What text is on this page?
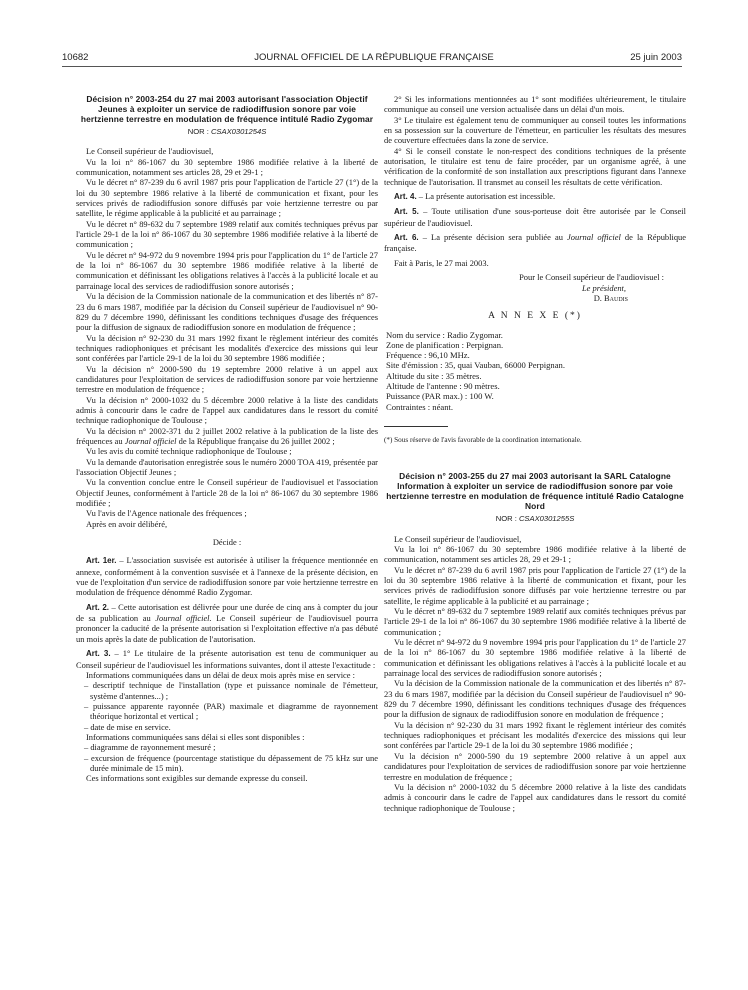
10682	JOURNAL OFFICIEL DE LA RÉPUBLIQUE FRANÇAISE	25 juin 2003

Décision n° 2003-254 du 27 mai 2003 autorisant l'association Objectif Jeunes à exploiter un service de radiodiffusion sonore par voie hertzienne terrestre en modulation de fréquence intitulé Radio Zygomar

NOR : CSAX0301254S

Le Conseil supérieur de l'audiovisuel,

Vu la loi n° 86-1067 du 30 septembre 1986 modifiée relative à la liberté de communication, notamment ses articles 28, 29 et 29-1 ;

Vu le décret n° 87-239 du 6 avril 1987 pris pour l'application de l'article 27 (1°) de la loi du 30 septembre 1986 relative à la liberté de communication et fixant, pour les services privés de radiodiffusion sonore diffusés par voie hertzienne terrestre ou par satellite, le régime applicable à la publicité et au parrainage ;

Vu le décret n° 89-632 du 7 septembre 1989 relatif aux comités techniques prévus par l'article 29-1 de la loi n° 86-1067 du 30 septembre 1986 modifiée relative à la liberté de communication ;

Vu le décret n° 94-972 du 9 novembre 1994 pris pour l'application du 1° de l'article 27 de la loi n° 86-1067 du 30 septembre 1986 modifiée relative à la liberté de communication et définissant les obligations relatives à l'accès à la publicité locale et au parrainage local des services de radiodiffusion sonore autorisés ;

Vu la décision de la Commission nationale de la communication et des libertés n° 87-23 du 6 mars 1987, modifiée par la décision du Conseil supérieur de l'audiovisuel n° 90-829 du 7 décembre 1990, définissant les conditions techniques d'usage des fréquences pour la diffusion de signaux de radiodiffusion sonore en modulation de fréquence ;

Vu la décision n° 92-230 du 31 mars 1992 fixant le règlement intérieur des comités techniques radiophoniques et précisant les modalités d'exercice des missions qui leur sont conférées par l'article 29-1 de la loi du 30 septembre 1986 modifiée ;

Vu la décision n° 2000-590 du 19 septembre 2000 relative à un appel aux candidatures pour l'exploitation de services de radiodiffusion sonore par voie hertzienne terrestre en modulation de fréquence ;

Vu la décision n° 2000-1032 du 5 décembre 2000 relative à la liste des candidats admis à concourir dans le cadre de l'appel aux candidatures dans le ressort du comité technique radiophonique de Toulouse ;

Vu la décision n° 2002-371 du 2 juillet 2002 relative à la publication de la liste des fréquences au Journal officiel de la République française du 26 juillet 2002 ;

Vu les avis du comité technique radiophonique de Toulouse ;

Vu la demande d'autorisation enregistrée sous le numéro 2000 TOA 419, présentée par l'association Objectif Jeunes ;

Vu la convention conclue entre le Conseil supérieur de l'audiovisuel et l'association Objectif Jeunes, conformément à l'article 28 de la loi n° 86-1067 du 30 septembre 1986 modifiée ;

Vu l'avis de l'Agence nationale des fréquences ;

Après en avoir délibéré,

Décide :

Art. 1er. – L'association susvisée est autorisée à utiliser la fréquence mentionnée en annexe, conformément à la convention susvisée et à l'annexe de la présente décision, en vue de l'exploitation d'un service de radiodiffusion sonore par voie hertzienne terrestre en modulation de fréquence dénommé Radio Zygomar.

Art. 2. – Cette autorisation est délivrée pour une durée de cinq ans à compter du jour de sa publication au Journal officiel. Le Conseil supérieur de l'audiovisuel pourra prononcer la caducité de la présente autorisation si l'exploitation effective n'a pas débuté un mois après la date de publication de l'autorisation.

Art. 3. – 1° Le titulaire de la présente autorisation est tenu de communiquer au Conseil supérieur de l'audiovisuel les informations suivantes, dont il atteste l'exactitude :

Informations communiquées dans un délai de deux mois après mise en service :

– descriptif technique de l'installation (type et puissance nominale de l'émetteur, système d'antennes...) ;

– puissance apparente rayonnée (PAR) maximale et diagramme de rayonnement théorique horizontal et vertical ;

– date de mise en service.

Informations communiquées sans délai si elles sont disponibles :

– diagramme de rayonnement mesuré ;

– excursion de fréquence (pourcentage statistique du dépassement de 75 kHz sur une durée minimale de 15 min).

Ces informations sont exigibles sur demande expresse du conseil.

2° Si les informations mentionnées au 1° sont modifiées ultérieurement, le titulaire communique au conseil une version actualisée dans un délai d'un mois.

3° Le titulaire est également tenu de communiquer au conseil toutes les informations en sa possession sur la couverture de l'émetteur, en particulier les résultats des mesures de couverture effectuées dans la zone de service.

4° Si le conseil constate le non-respect des conditions techniques de la présente autorisation, le titulaire est tenu de faire procéder, par un organisme agréé, à une vérification de la conformité de son installation aux prescriptions figurant dans l'annexe technique de l'autorisation. Il transmet au conseil les résultats de cette vérification.

Art. 4. – La présente autorisation est incessible.

Art. 5. – Toute utilisation d'une sous-porteuse doit être autorisée par le Conseil supérieur de l'audiovisuel.

Art. 6. – La présente décision sera publiée au Journal officiel de la République française.

Fait à Paris, le 27 mai 2003.

Pour le Conseil supérieur de l'audiovisuel :

Le président,

D. Baudis

A N N E X E (*)

Nom du service : Radio Zygomar.

Zone de planification : Perpignan.

Fréquence : 96,10 MHz.

Site d'émission : 35, quai Vauban, 66000 Perpignan.

Altitude du site : 35 mètres.

Altitude de l'antenne : 90 mètres.

Puissance (PAR max.) : 100 W.

Contraintes : néant.

(*) Sous réserve de l'avis favorable de la coordination internationale.

Décision n° 2003-255 du 27 mai 2003 autorisant la SARL Catalogne Information à exploiter un service de radiodiffusion sonore par voie hertzienne terrestre en modulation de fréquence intitulé Radio Catalogne Nord

NOR : CSAX0301255S

Le Conseil supérieur de l'audiovisuel,

Vu la loi n° 86-1067 du 30 septembre 1986 modifiée relative à la liberté de communication, notamment ses articles 28, 29 et 29-1 ;

Vu le décret n° 87-239 du 6 avril 1987 pris pour l'application de l'article 27 (1°) de la loi du 30 septembre 1986 relative à la liberté de communication et fixant, pour les services privés de radiodiffusion sonore diffusés par voie hertzienne terrestre ou par satellite, le régime applicable à la publicité et au parrainage ;

Vu le décret n° 89-632 du 7 septembre 1989 relatif aux comités techniques prévus par l'article 29-1 de la loi n° 86-1067 du 30 septembre 1986 modifiée relative à la liberté de communication ;

Vu le décret n° 94-972 du 9 novembre 1994 pris pour l'application du 1° de l'article 27 de la loi n° 86-1067 du 30 septembre 1986 modifiée relative à la liberté de communication et définissant les obligations relatives à l'accès à la publicité locale et au parrainage local des services de radiodiffusion sonore autorisés ;

Vu la décision de la Commission nationale de la communication et des libertés n° 87-23 du 6 mars 1987, modifiée par la décision du Conseil supérieur de l'audiovisuel n° 90-829 du 7 décembre 1990, définissant les conditions techniques d'usage des fréquences pour la diffusion de signaux de radiodiffusion sonore en modulation de fréquence ;

Vu la décision n° 92-230 du 31 mars 1992 fixant le règlement intérieur des comités techniques radiophoniques et précisant les modalités d'exercice des missions qui leur sont conférées par l'article 29-1 de la loi du 30 septembre 1986 modifiée ;

Vu la décision n° 2000-590 du 19 septembre 2000 relative à un appel aux candidatures pour l'exploitation de services de radiodiffusion sonore par voie hertzienne terrestre en modulation de fréquence ;

Vu la décision n° 2000-1032 du 5 décembre 2000 relative à la liste des candidats admis à concourir dans le cadre de l'appel aux candidatures dans le ressort du comité technique radiophonique de Toulouse ;
